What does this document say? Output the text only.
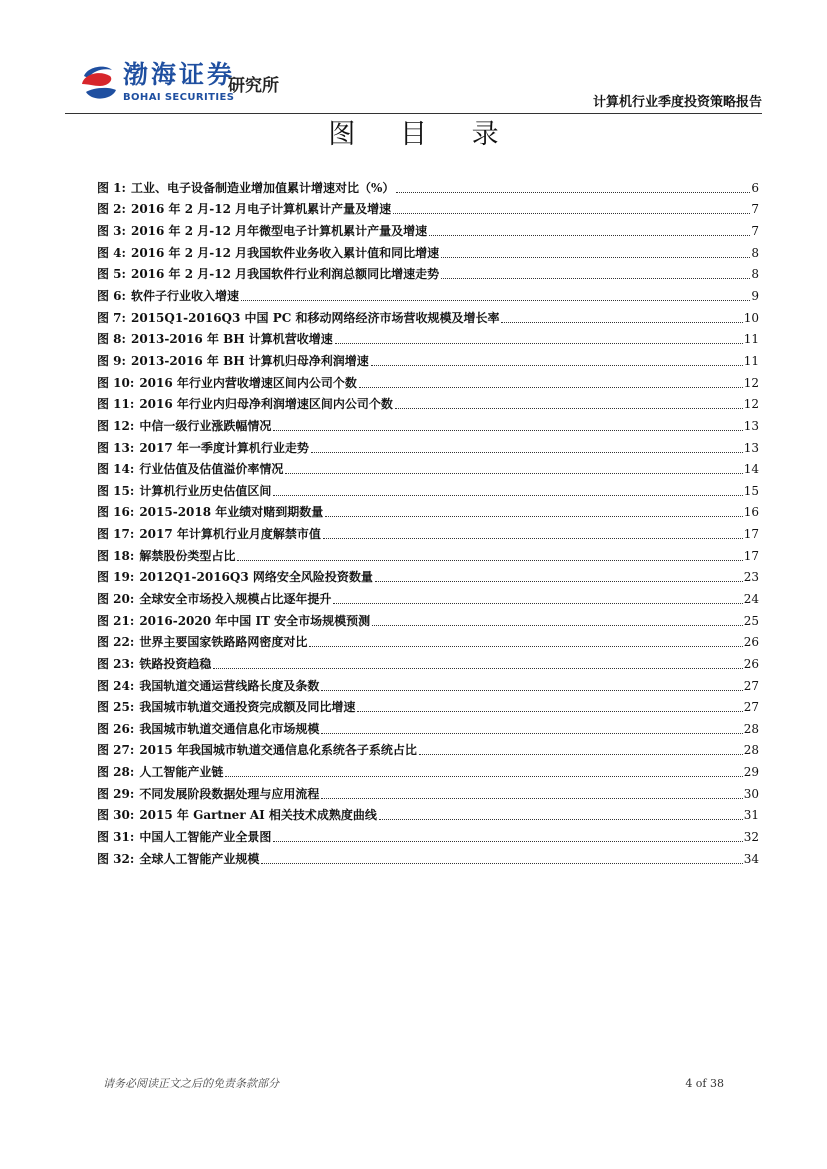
渤海证券
BOHAI SECURITIES
研究所
计算机行业季度投资策略报告
图 目 录
图 1: 工业、电子设备制造业增加值累计增速对比（%）	6
图 2: 2016 年 2 月-12 月电子计算机累计产量及增速	7
图 3: 2016 年 2 月-12 月年微型电子计算机累计产量及增速	7
图 4: 2016 年 2 月-12 月我国软件业务收入累计值和同比增速	8
图 5: 2016 年 2 月-12 月我国软件行业利润总额同比增速走势	8
图 6: 软件子行业收入增速	9
图 7: 2015Q1-2016Q3 中国 PC 和移动网络经济市场营收规模及增长率	10
图 8: 2013-2016 年 BH 计算机营收增速	11
图 9: 2013-2016 年 BH 计算机归母净利润增速	11
图 10: 2016 年行业内营收增速区间内公司个数	12
图 11: 2016 年行业内归母净利润增速区间内公司个数	12
图 12: 中信一级行业涨跌幅情况	13
图 13: 2017 年一季度计算机行业走势	13
图 14: 行业估值及估值溢价率情况	14
图 15: 计算机行业历史估值区间	15
图 16: 2015-2018 年业绩对赌到期数量	16
图 17: 2017 年计算机行业月度解禁市值	17
图 18: 解禁股份类型占比	17
图 19: 2012Q1-2016Q3 网络安全风险投资数量	23
图 20: 全球安全市场投入规模占比逐年提升	24
图 21: 2016-2020 年中国 IT 安全市场规模预测	25
图 22: 世界主要国家铁路路网密度对比	26
图 23: 铁路投资趋稳	26
图 24: 我国轨道交通运营线路长度及条数	27
图 25: 我国城市轨道交通投资完成额及同比增速	27
图 26: 我国城市轨道交通信息化市场规模	28
图 27: 2015 年我国城市轨道交通信息化系统各子系统占比	28
图 28: 人工智能产业链	29
图 29: 不同发展阶段数据处理与应用流程	30
图 30: 2015 年 Gartner AI 相关技术成熟度曲线	31
图 31: 中国人工智能产业全景图	32
图 32: 全球人工智能产业规模	34
请务必阅读正文之后的免责条款部分	4 of 38
